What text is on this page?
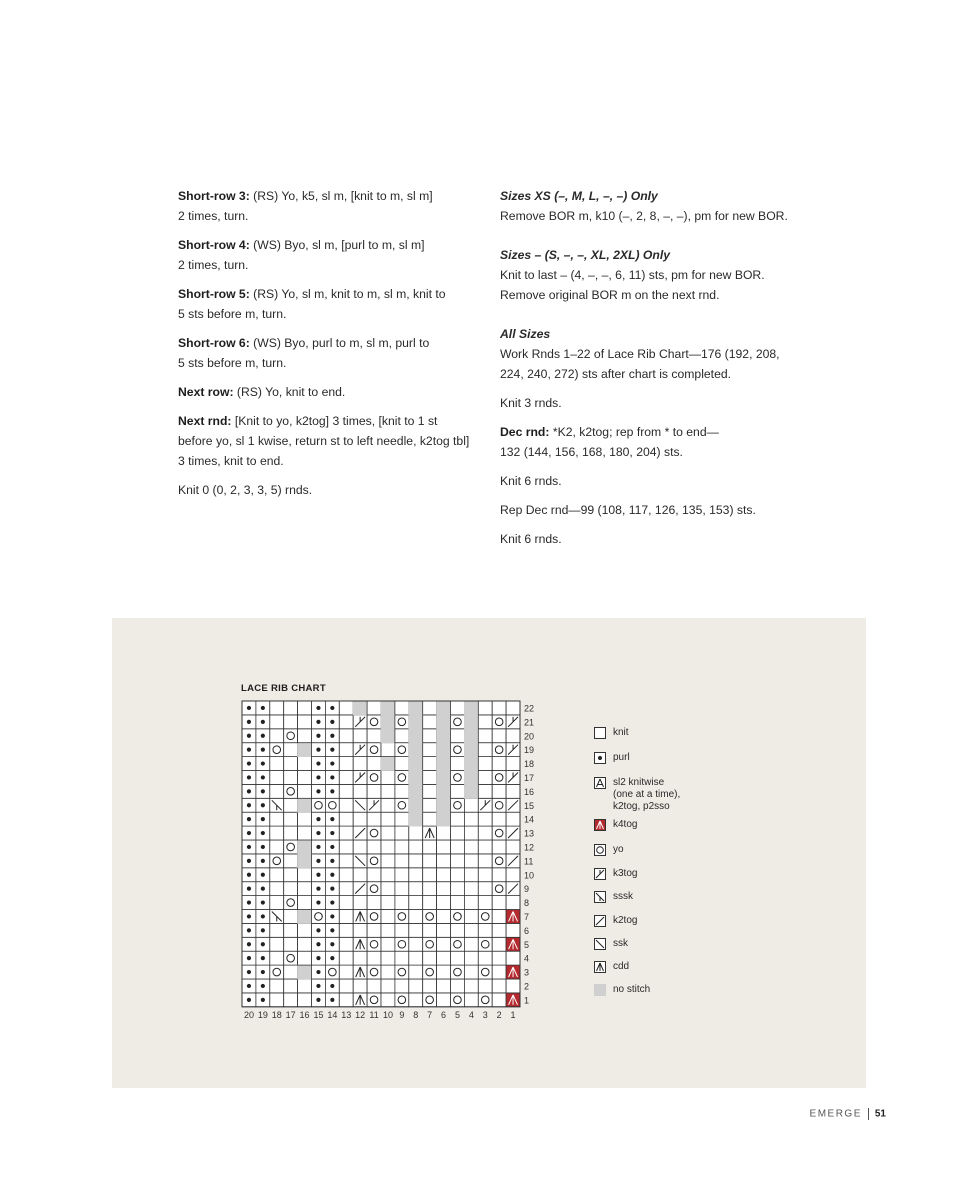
Short-row 3: (RS) Yo, k5, sl m, [knit to m, sl m]
2 times, turn.

Short-row 4: (WS) Byo, sl m, [purl to m, sl m]
2 times, turn.

Short-row 5: (RS) Yo, sl m, knit to m, sl m, knit to
5 sts before m, turn.

Short-row 6: (WS) Byo, purl to m, sl m, purl to
5 sts before m, turn.

Next row: (RS) Yo, knit to end.

Next rnd: [Knit to yo, k2tog] 3 times, [knit to 1 st
before yo, sl 1 kwise, return st to left needle, k2tog tbl]
3 times, knit to end.

Knit 0 (0, 2, 3, 3, 5) rnds.

Sizes XS (–, M, L, –, –) Only

Remove BOR m, k10 (–, 2, 8, –, –), pm for new BOR.

Sizes – (S, –, –, XL, 2XL) Only

Knit to last – (4, –, –, 6, 11) sts, pm for new BOR.
Remove original BOR m on the next rnd.

All Sizes

Work Rnds 1–22 of Lace Rib Chart—176 (192, 208,
224, 240, 272) sts after chart is completed.

Knit 3 rnds.

Dec rnd: *K2, k2tog; rep from * to end—
132 (144, 156, 168, 180, 204) sts.

Knit 6 rnds.

Rep Dec rnd—99 (108, 117, 126, 135, 153) sts.

Knit 6 rnds.

LACE RIB CHART
22
21
20
19
18
17
16
15
14
13
12
11
10
9
8
7
6
5
4
3
2
1
20 19 18 17 16 15 14 13 12 11 10 9 8 7 6 5 4 3 2 1
knit
purl
sl2 knitwise
(one at a time),
k2tog, p2sso
k4tog
yo
k3tog
sssk
k2tog
ssk
cdd
no stitch
EMERGE 51
